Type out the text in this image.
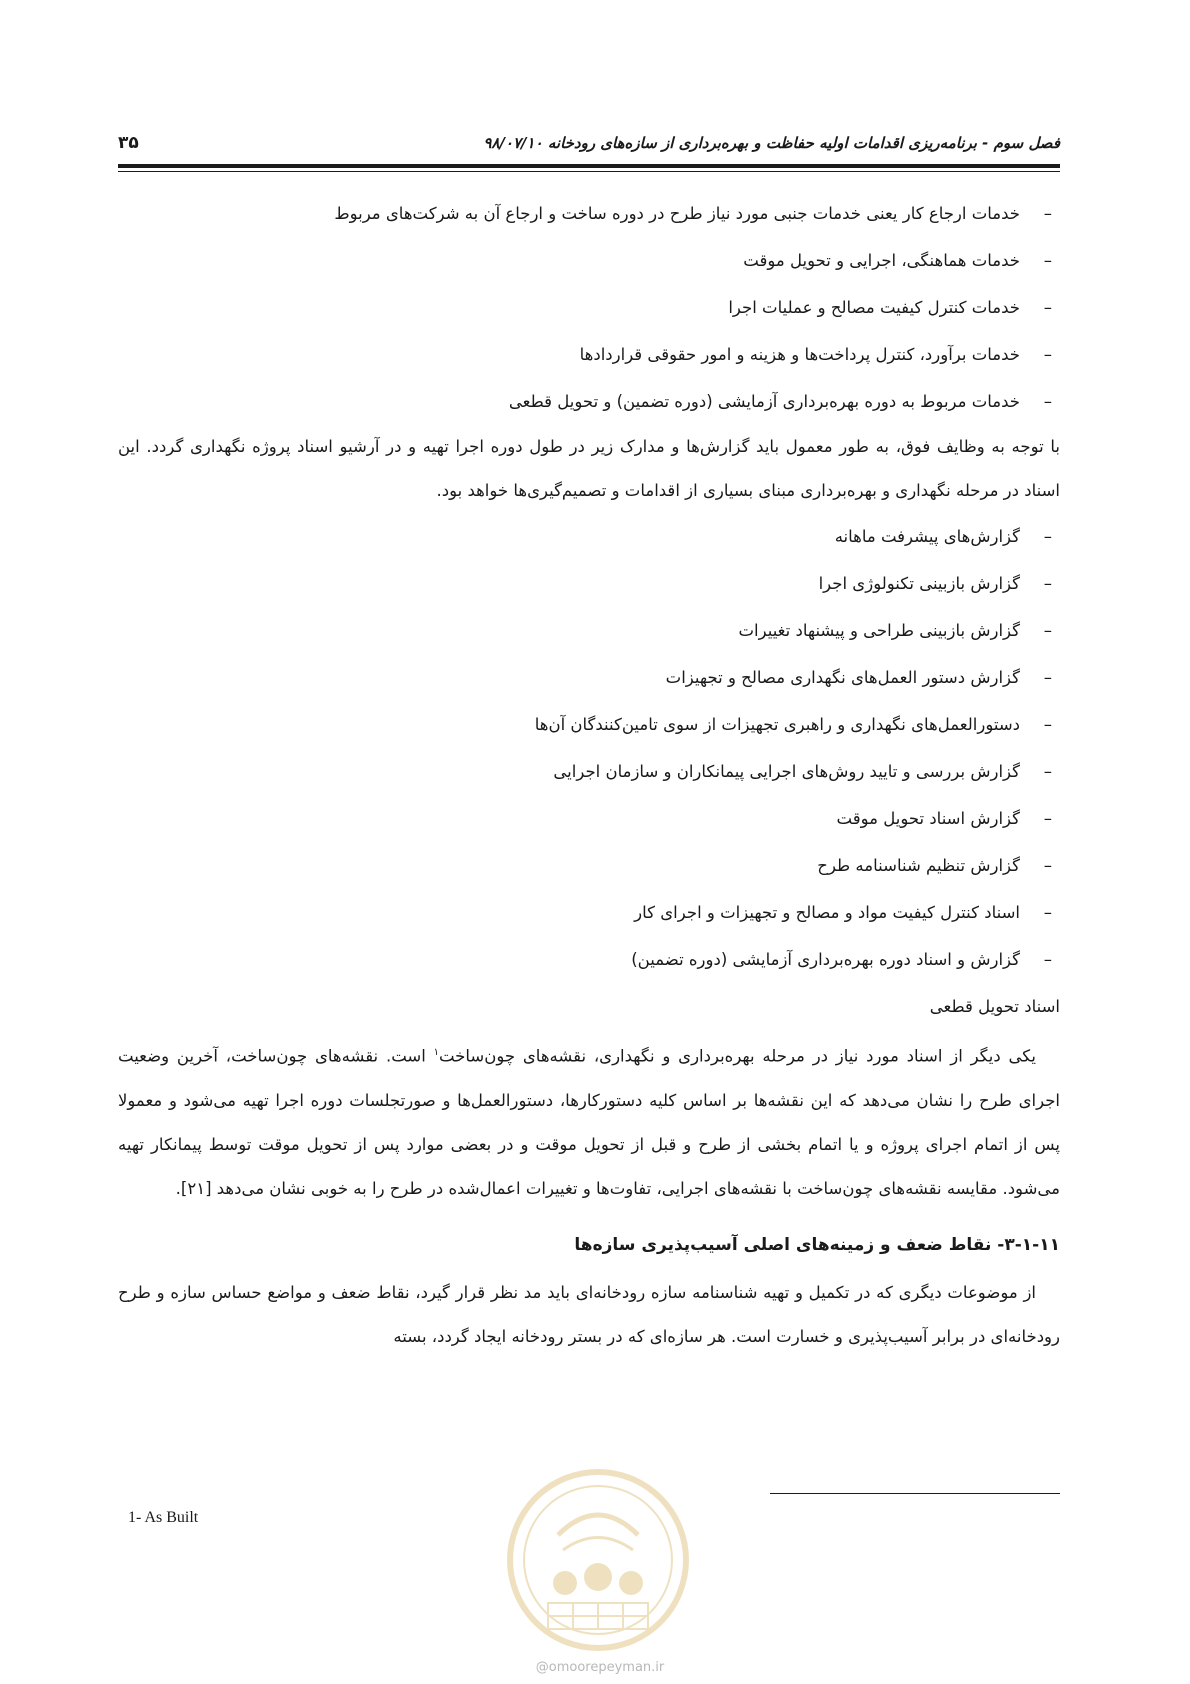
فصل سوم - برنامه‌ریزی اقدامات اولیه حفاظت و بهره‌برداری از سازه‌های رودخانه ۹۸/۰۷/۱۰
۳۵
–
خدمات ارجاع کار یعنی خدمات جنبی مورد نیاز طرح در دوره ساخت و ارجاع آن به شرکت‌های مربوط
–
خدمات هماهنگی، اجرایی و تحویل موقت
–
خدمات کنترل کیفیت مصالح و عملیات اجرا
–
خدمات برآورد، کنترل پرداخت‌ها و هزینه و امور حقوقی قراردادها
–
خدمات مربوط به دوره بهره‌برداری آزمایشی (دوره تضمین) و تحویل قطعی

با توجه به وظایف فوق، به طور معمول باید گزارش‌ها و مدارک زیر در طول دوره اجرا تهیه و در آرشیو اسناد پروژه نگهداری گردد. این اسناد در مرحله نگهداری و بهره‌برداری مبنای بسیاری از اقدامات و تصمیم‌گیری‌ها خواهد بود.

–
گزارش‌های پیشرفت ماهانه
–
گزارش بازبینی تکنولوژی اجرا
–
گزارش بازبینی طراحی و پیشنهاد تغییرات
–
گزارش دستور العمل‌های نگهداری مصالح و تجهیزات
–
دستورالعمل‌های نگهداری و راهبری تجهیزات از سوی تامین‌کنندگان آن‌ها
–
گزارش بررسی و تایید روش‌های اجرایی پیمانکاران و سازمان اجرایی
–
گزارش اسناد تحویل موقت
–
گزارش تنظیم شناسنامه طرح
–
اسناد کنترل کیفیت مواد و مصالح و تجهیزات و اجرای کار
–
گزارش و اسناد دوره بهره‌برداری آزمایشی (دوره تضمین)
اسناد تحویل قطعی

یکی دیگر از اسناد مورد نیاز در مرحله بهره‌برداری و نگهداری، نقشه‌های چون‌ساخت$^۱$ است. نقشه‌های چون‌ساخت، آخرین وضعیت اجرای طرح را نشان می‌دهد که این نقشه‌ها بر اساس کلیه دستورکارها، دستورالعمل‌ها و صورتجلسات دوره اجرا تهیه می‌شود و معمولا پس از اتمام اجرای پروژه و یا اتمام بخشی از طرح و قبل از تحویل موقت و در بعضی موارد پس از تحویل موقت توسط پیمانکار تهیه می‌شود. مقایسه نقشه‌های چون‌ساخت با نقشه‌های اجرایی، تفاوت‌ها و تغییرات اعمال‌شده در طرح را به خوبی نشان می‌دهد [۲۱].

۳-۱-۱۱- نقاط ضعف و زمینه‌های اصلی آسیب‌پذیری سازه‌ها

از موضوعات دیگری که در تکمیل و تهیه شناسنامه سازه رودخانه‌ای باید مد نظر قرار گیرد، نقاط ضعف و مواضع حساس سازه و طرح رودخانه‌ای در برابر آسیب‌پذیری و خسارت است. هر سازه‌ای که در بستر رودخانه ایجاد گردد، بسته

1- As Built
@omoorepeyman.ir
